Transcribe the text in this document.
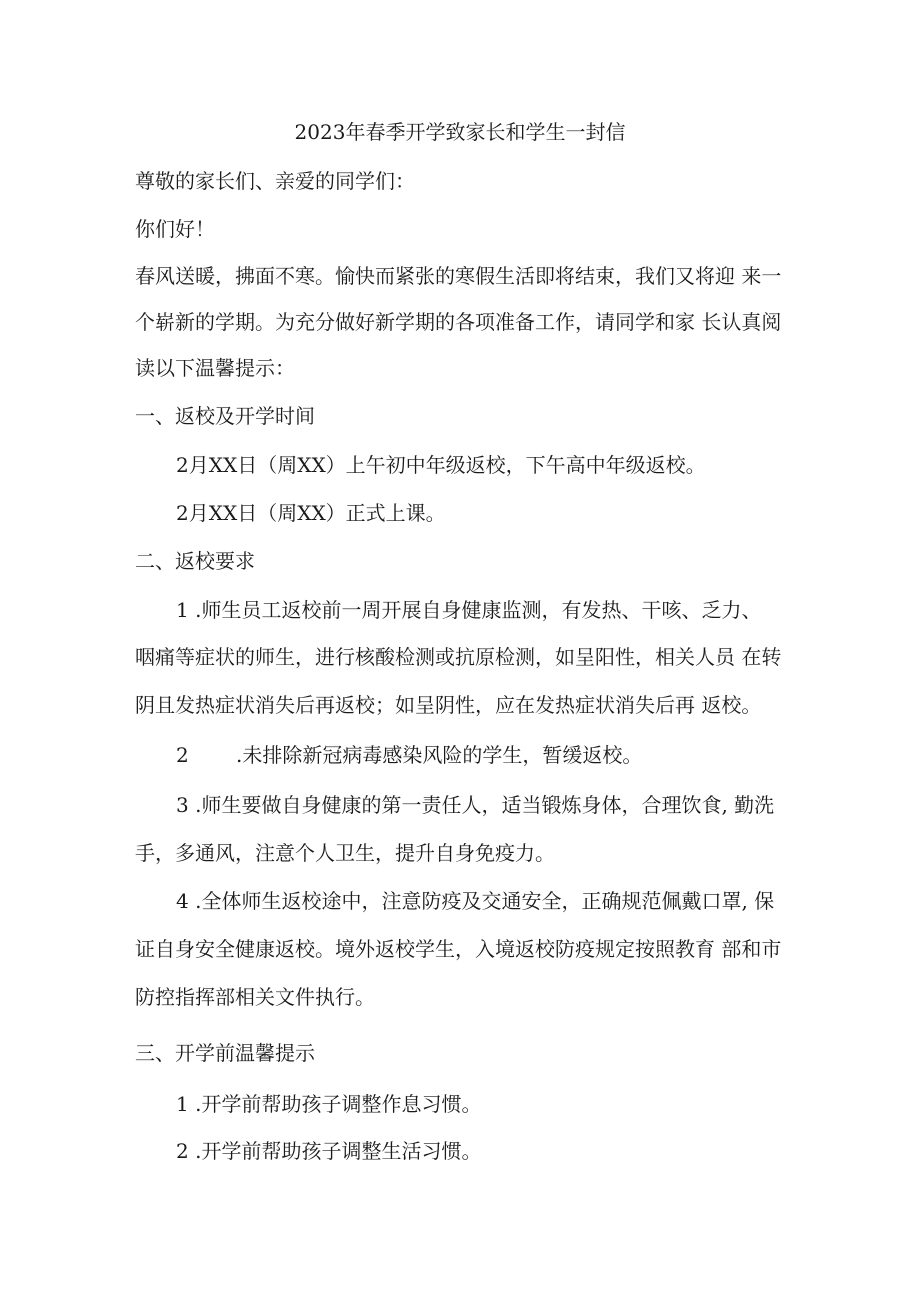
2023年春季开学致家长和学生一封信
尊敬的家长们、亲爱的同学们：
你们好！
春风送暖，拂面不寒。愉快而紧张的寒假生活即将结束，我们又将迎 来一
个崭新的学期。为充分做好新学期的各项准备工作，请同学和家 长认真阅
读以下温馨提示：
一、返校及开学时间
2月XX日（周XX）上午初中年级返校，下午高中年级返校。
2月XX日（周XX）正式上课。
二、返校要求
1 .师生员工返校前一周开展自身健康监测，有发热、干咳、乏力、
咽痛等症状的师生，进行核酸检测或抗原检测，如呈阳性，相关人员 在转
阴且发热症状消失后再返校；如呈阴性，应在发热症状消失后再 返校。
2 .未排除新冠病毒感染风险的学生，暂缓返校。
3 .师生要做自身健康的第一责任人，适当锻炼身体，合理饮食, 勤洗
手，多通风，注意个人卫生，提升自身免疫力。
4 .全体师生返校途中，注意防疫及交通安全，正确规范佩戴口罩, 保
证自身安全健康返校。境外返校学生，入境返校防疫规定按照教育 部和市
防控指挥部相关文件执行。
三、开学前温馨提示
1 .开学前帮助孩子调整作息习惯。
2 .开学前帮助孩子调整生活习惯。
